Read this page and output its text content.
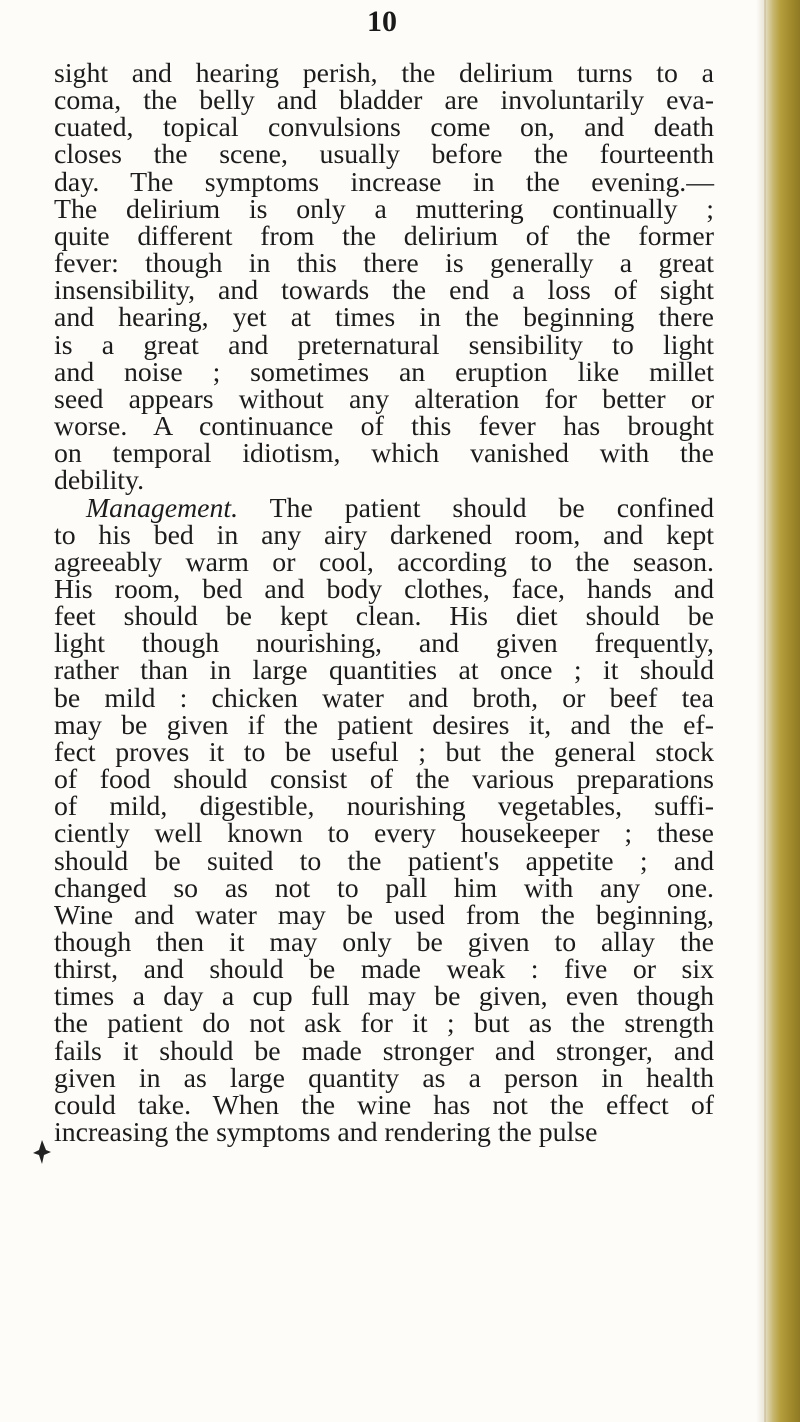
10
sight and hearing perish, the delirium turns to a
coma, the belly and bladder are involuntarily eva-
cuated, topical convulsions come on, and death
closes the scene, usually before the fourteenth
day. The symptoms increase in the evening.—
The delirium is only a muttering continually ;
quite different from the delirium of the former
fever: though in this there is generally a great
insensibility, and towards the end a loss of sight
and hearing, yet at times in the beginning there
is a great and preternatural sensibility to light
and noise ; sometimes an eruption like millet
seed appears without any alteration for better or
worse. A continuance of this fever has brought
on temporal idiotism, which vanished with the
debility.
Management. The patient should be confined
to his bed in any airy darkened room, and kept
agreeably warm or cool, according to the season.
His room, bed and body clothes, face, hands and
feet should be kept clean. His diet should be
light though nourishing, and given frequently,
rather than in large quantities at once ; it should
be mild : chicken water and broth, or beef tea
may be given if the patient desires it, and the ef-
fect proves it to be useful ; but the general stock
of food should consist of the various preparations
of mild, digestible, nourishing vegetables, suffi-
ciently well known to every housekeeper ; these
should be suited to the patient's appetite ; and
changed so as not to pall him with any one.
Wine and water may be used from the beginning,
though then it may only be given to allay the
thirst, and should be made weak : five or six
times a day a cup full may be given, even though
the patient do not ask for it ; but as the strength
fails it should be made stronger and stronger, and
given in as large quantity as a person in health
could take. When the wine has not the effect of
increasing the symptoms and rendering the pulse
